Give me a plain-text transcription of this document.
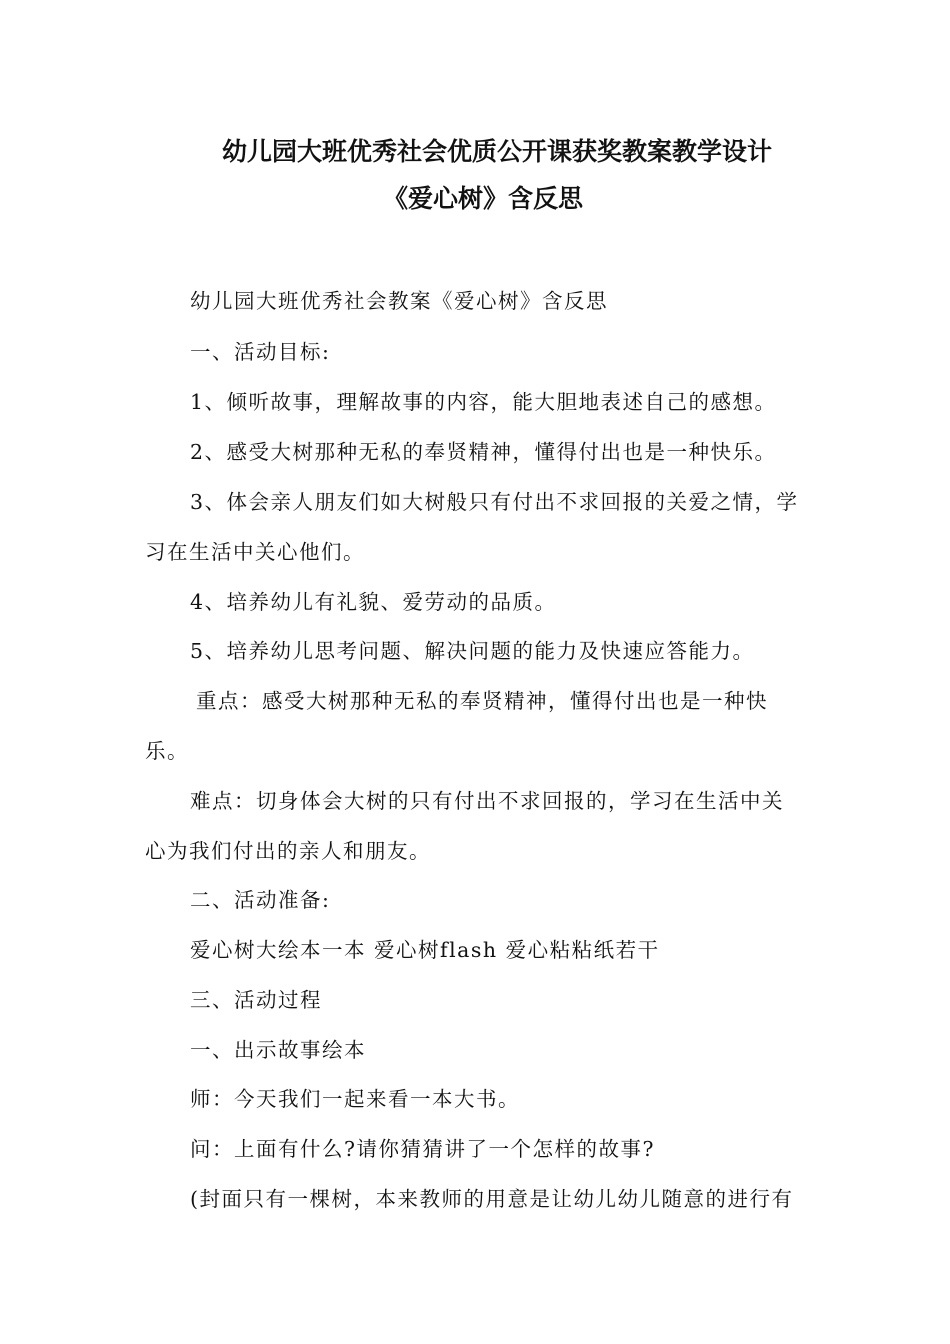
幼儿园大班优秀社会优质公开课获奖教案教学设计
《爱心树》含反思

幼儿园大班优秀社会教案《爱心树》含反思

一、活动目标:

1、倾听故事，理解故事的内容，能大胆地表述自己的感想。

2、感受大树那种无私的奉贤精神，懂得付出也是一种快乐。

3、体会亲人朋友们如大树般只有付出不求回报的关爱之情，学

习在生活中关心他们。

4、培养幼儿有礼貌、爱劳动的品质。

5、培养幼儿思考问题、解决问题的能力及快速应答能力。

重点：感受大树那种无私的奉贤精神，懂得付出也是一种快

乐。

难点：切身体会大树的只有付出不求回报的，学习在生活中关

心为我们付出的亲人和朋友。

二、活动准备:

爱心树大绘本一本 爱心树flash 爱心粘粘纸若干

三、活动过程

一、出示故事绘本

师：今天我们一起来看一本大书。

问：上面有什么?请你猜猜讲了一个怎样的故事?

(封面只有一棵树，本来教师的用意是让幼儿幼儿随意的进行有
